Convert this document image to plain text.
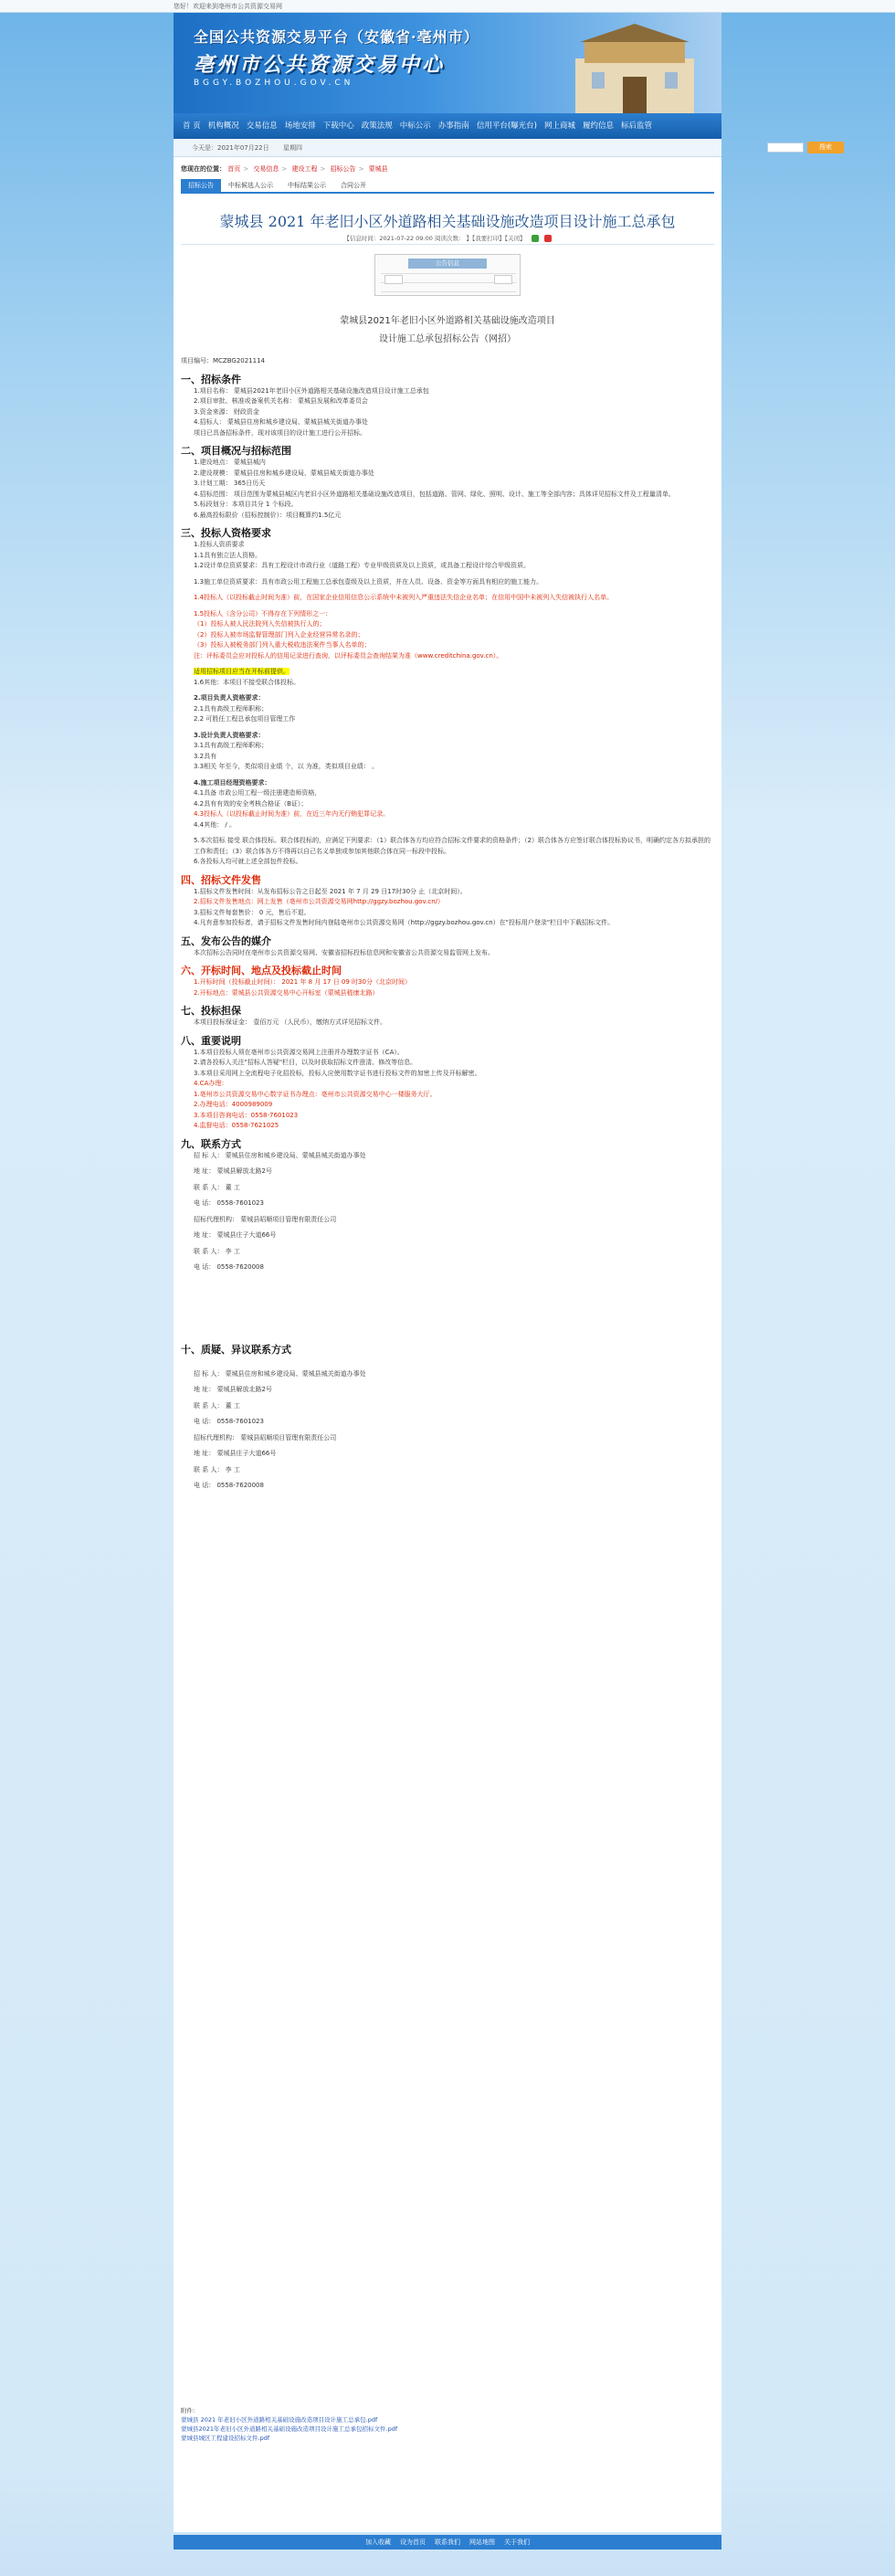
您好！欢迎来到亳州市公共资源交易网
全国公共资源交易平台（安徽省·亳州市）
亳州市公共资源交易中心
BGGY.BOZHOU.GOV.CN
首 页 机构概况 交易信息 场地安排 下载中心 政策法规 中标公示 办事指南 信用平台(曝光台) 网上商城 履约信息 标后监管
今天是：2021年07月22日 星期四	搜索
您现在的位置： 首页 > 交易信息 > 建设工程 > 招标公告 > 蒙城县
招标公告	中标候选人公示	中标结果公示	合同公开
蒙城县 2021 年老旧小区外道路相关基础设施改造项目设计施工总承包
【信息时间：2021-07-22 09:00 阅读次数： 】【我要打印】【关闭】
公告信息
蒙城县2021年老旧小区外道路相关基础设施改造项目
设计施工总承包招标公告（网招）
项目编号：MCZBG2021114
一、招标条件
1.项目名称： 蒙城县2021年老旧小区外道路相关基础设施改造项目设计施工总承包
2.项目审批、核准或备案机关名称： 蒙城县发展和改革委员会
3.资金来源： 财政资金
4.招标人： 蒙城县住房和城乡建设局、蒙城县城关街道办事处
项目已具备招标条件，现对该项目的设计施工进行公开招标。
二、项目概况与招标范围
1.建设地点： 蒙城县城内
2.建设规模： 蒙城县住房和城乡建设局、蒙城县城关街道办事处
3.计划工期： 365日历天
4.招标范围： 项目范围为蒙城县城区内老旧小区外道路相关基础设施改造项目，包括道路、管网、绿化、照明、设计、施工等全部内容；具体详见招标文件及工程量清单。
5.标段划分：本项目共分 1 个标段。
6.最高投标限价（招标控制价）：项目概算约1.5亿元
三、投标人资格要求
1.投标人资质要求
1.1具有独立法人资格。
1.2设计单位资质要求：具有工程设计市政行业（道路工程）专业甲级资质及以上资质，或具备工程设计综合甲级资质。
1.3施工单位资质要求：具有市政公用工程施工总承包壹级及以上资质，并在人员、设备、资金等方面具有相应的施工能力。
1.4投标人（以投标截止时间为准）前，在国家企业信用信息公示系统中未被列入严重违法失信企业名单；在信用中国中未被列入失信被执行人名单。
1.5投标人（含分公司）不得存在下列情形之一：
（1）投标人被人民法院列入失信被执行人的；
（2）投标人被市场监督管理部门列入企业经营异常名录的；
（3）投标人被税务部门列入重大税收违法案件当事人名单的；
注：评标委员会应对投标人的信用记录进行查询，以评标委员会查询结果为准（www.creditchina.gov.cn）。
适用招标项目应当在开标前提供。
1.6其他：本项目不接受联合体投标。
2.项目负责人资格要求：
2.1具有高级工程师职称；
2.2 可胜任工程总承包项目管理工作
3.设计负责人资格要求：
3.1具有高级工程师职称；
3.2具有
3.3相关 年至今，类似项目业绩 个，以 为准，类似项目业绩： 。
4.施工项目经理资格要求：
4.1具备 市政公用工程一级注册建造师资格，
4.2具有有效的安全考核合格证（B证）；
4.3投标人（以投标截止时间为准）前，在近三年内无行贿犯罪记录。
4.4其他： / 。
5.本次招标 接受 联合体投标。联合体投标的，应满足下列要求：（1）联合体各方均应符合招标文件要求的资格条件；（2）联合体各方应签订联合体投标协议书，明确约定各方拟承担的工作和责任；（3）联合体各方不得再以自己名义单独或参加其他联合体在同一标段中投标。
6.各投标人均可就上述全部包件投标。
四、招标文件发售
1.招标文件发售时间：从发布招标公告之日起至 2021 年 7 月 29 日17时30分 止（北京时间）。
2.招标文件发售地点：网上发售（亳州市公共资源交易网http://ggzy.bozhou.gov.cn/）
3.招标文件每套售价： 0 元，售后不退。
4.凡有意参加投标者，请于招标文件发售时间内登陆亳州市公共资源交易网（http://ggzy.bozhou.gov.cn）在"投标用户登录"栏目中下载招标文件。
五、发布公告的媒介
本次招标公告同时在亳州市公共资源交易网、安徽省招标投标信息网和安徽省公共资源交易监管网上发布。
六、开标时间、地点及投标截止时间
1.开标时间（投标截止时间）： 2021 年 8 月 17 日 09 时30分（北京时间）
2.开标地点：蒙城县公共资源交易中心开标室（蒙城县嵇康北路）
七、投标担保
本项目投标保证金： 壹佰万元 （人民币），缴纳方式详见招标文件。
八、重要说明
1.本项目投标人须在亳州市公共资源交易网上注册并办理数字证书（CA）。
2.请各投标人关注"招标人答疑"栏目，以及时获取招标文件澄清、修改等信息。
3.本项目采用网上全流程电子化招投标，投标人应使用数字证书进行投标文件的加密上传及开标解密。
4.CA办理：
1.亳州市公共资源交易中心数字证书办理点：亳州市公共资源交易中心一楼服务大厅。
2.办理电话：4000989009
3.本项目咨询电话：0558-7601023
4.监督电话：0558-7621025
九、联系方式
招 标 人： 蒙城县住房和城乡建设局、蒙城县城关街道办事处
地 址： 蒙城县解放北路2号
联 系 人： 董 工
电 话： 0558-7601023
招标代理机构： 蒙城县昭顺项目管理有限责任公司
地 址： 蒙城县庄子大道66号
联 系 人： 李 工
电 话： 0558-7620008
十、质疑、异议联系方式
招 标 人： 蒙城县住房和城乡建设局、蒙城县城关街道办事处
地 址： 蒙城县解放北路2号
联 系 人： 董 工
电 话： 0558-7601023
招标代理机构： 蒙城县昭顺项目管理有限责任公司
地 址： 蒙城县庄子大道66号
联 系 人： 李 工
电 话： 0558-7620008
附件：
蒙城县 2021 年老旧小区外道路相关基础设施改造项目设计施工总承包.pdf
蒙城县2021年老旧小区外道路相关基础设施改造项目设计施工总承包招标文件.pdf
蒙城县城区工程建设招标文件.pdf
加入收藏 设为首页 联系我们 网站地图 关于我们
